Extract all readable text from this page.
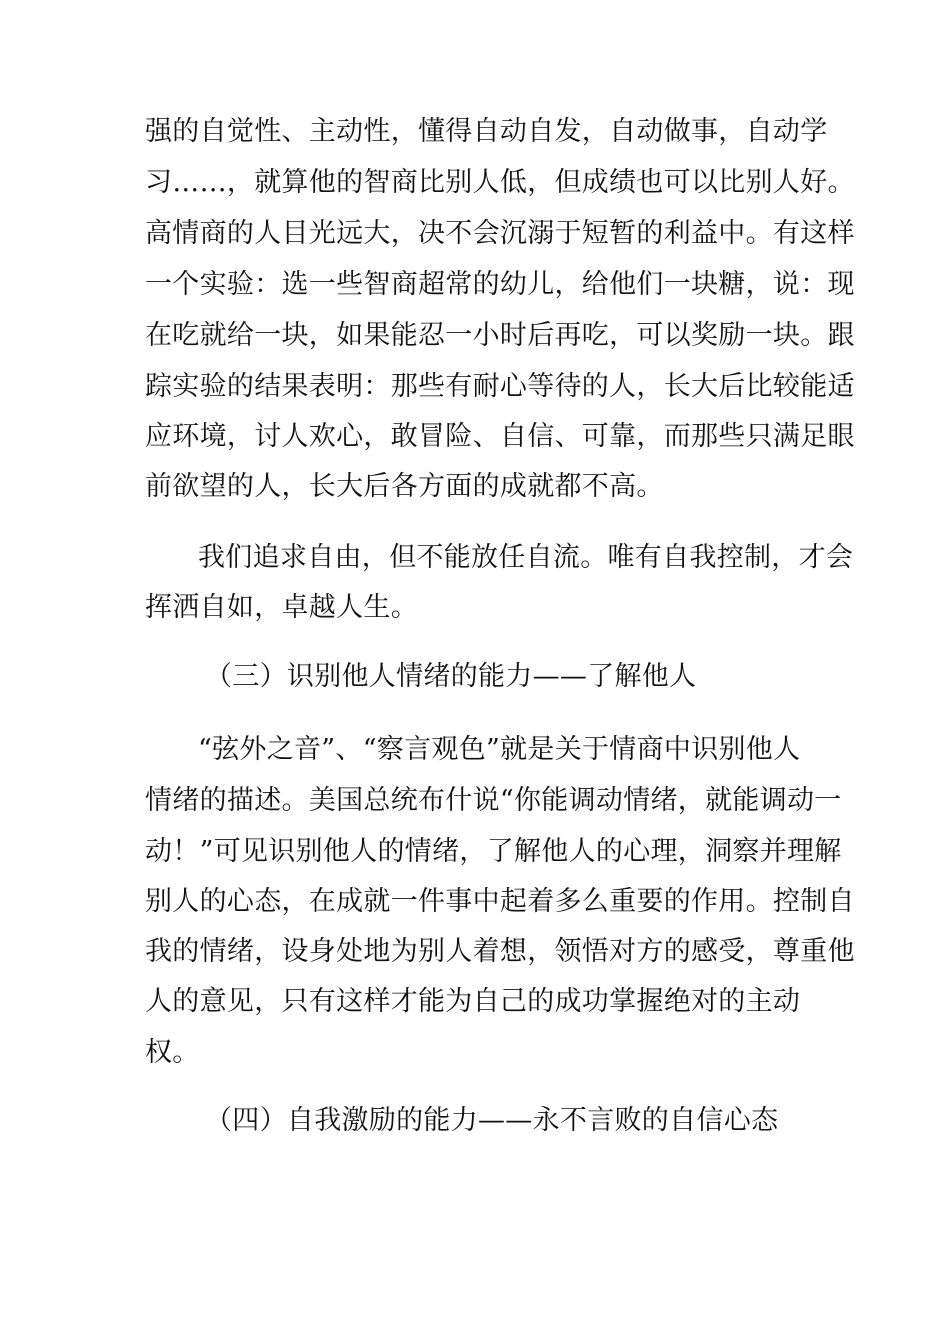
强的自觉性、主动性，懂得自动自发，自动做事，自动学
习……，就算他的智商比别人低，但成绩也可以比别人好。
高情商的人目光远大，决不会沉溺于短暂的利益中。有这样
一个实验：选一些智商超常的幼儿，给他们一块糖，说：现
在吃就给一块，如果能忍一小时后再吃，可以奖励一块。跟
踪实验的结果表明：那些有耐心等待的人，长大后比较能适
应环境，讨人欢心，敢冒险、自信、可靠，而那些只满足眼
前欲望的人，长大后各方面的成就都不高。
我们追求自由，但不能放任自流。唯有自我控制，才会
挥洒自如，卓越人生。
（三）识别他人情绪的能力——了解他人
“弦外之音”、“察言观色”就是关于情商中识别他人
情绪的描述。美国总统布什说“你能调动情绪，就能调动一
动！”可见识别他人的情绪，了解他人的心理，洞察并理解
别人的心态，在成就一件事中起着多么重要的作用。控制自
我的情绪，设身处地为别人着想，领悟对方的感受，尊重他
人的意见，只有这样才能为自己的成功掌握绝对的主动
权。
（四）自我激励的能力——永不言败的自信心态
